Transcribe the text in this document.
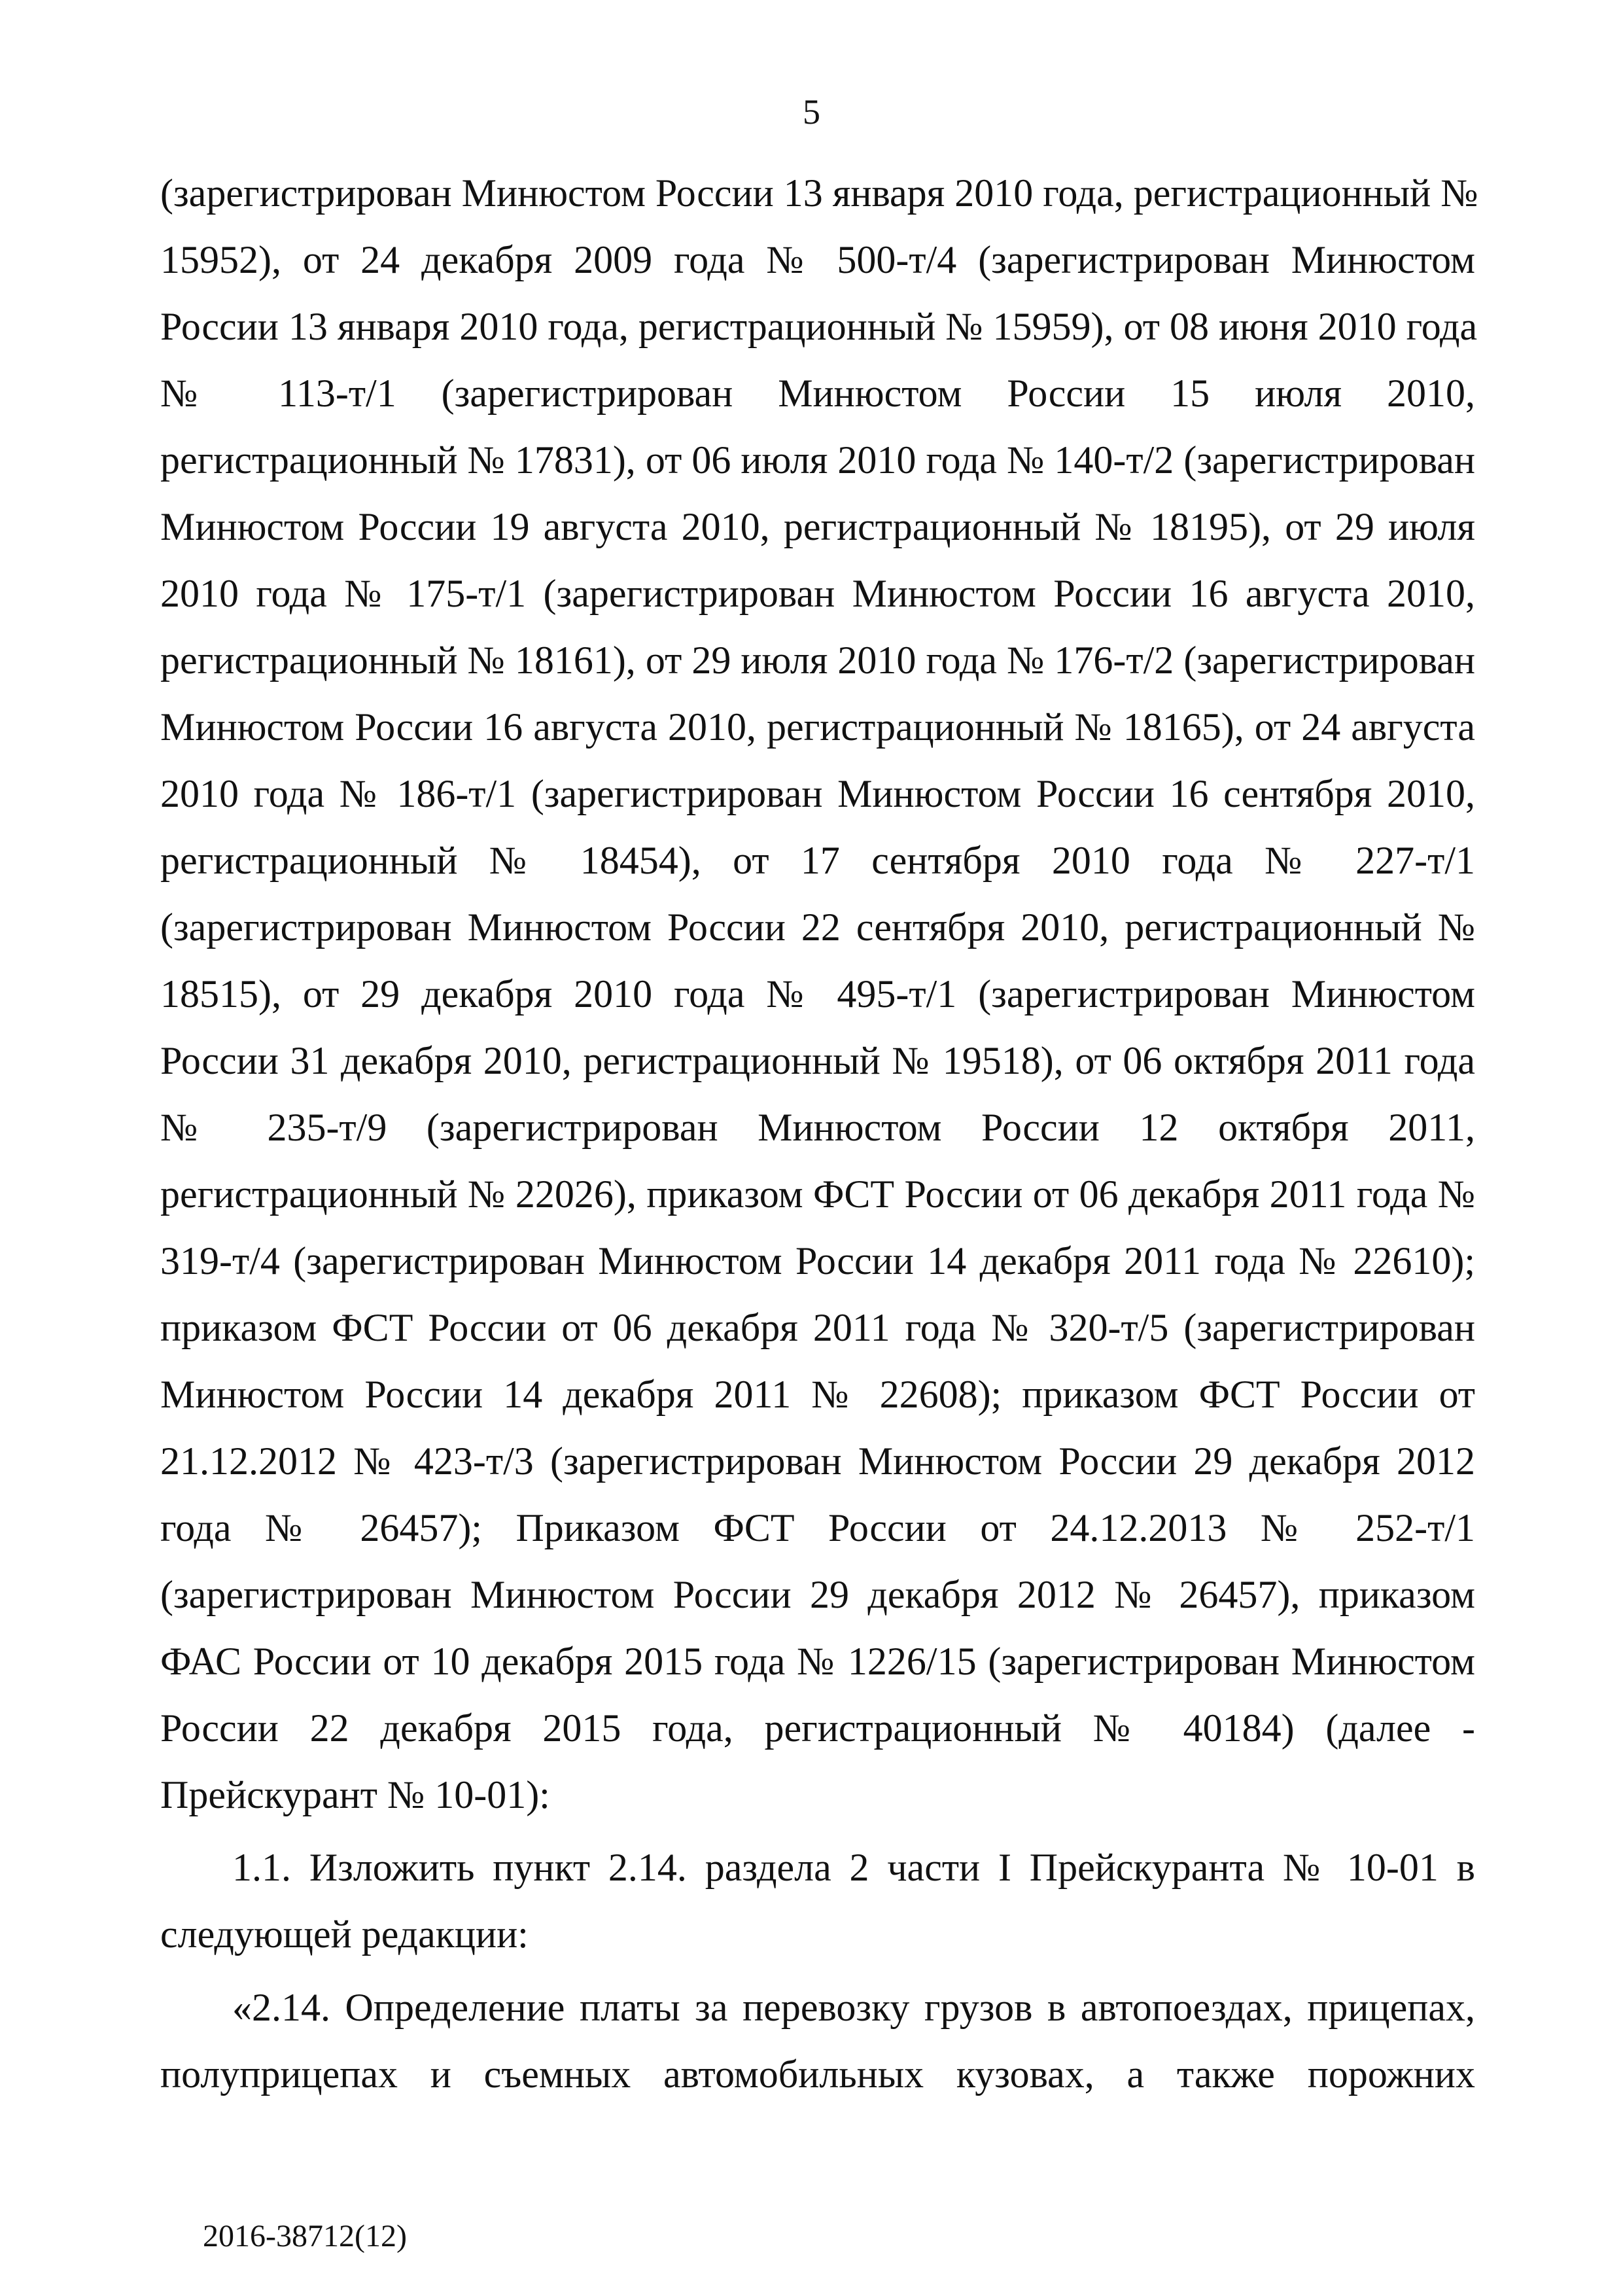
5
(зарегистрирован Минюстом России 13 января 2010 года, регистрационный №
15952), от 24 декабря 2009 года № 500-т/4 (зарегистрирован Минюстом
России 13 января 2010 года, регистрационный № 15959), от 08 июня 2010 года
№ 113-т/1 (зарегистрирован Минюстом России 15 июля 2010,
регистрационный № 17831), от 06 июля 2010 года № 140-т/2 (зарегистрирован
Минюстом России 19 августа 2010, регистрационный № 18195), от 29 июля
2010 года № 175-т/1 (зарегистрирован Минюстом России 16 августа 2010,
регистрационный № 18161), от 29 июля 2010 года № 176-т/2 (зарегистрирован
Минюстом России 16 августа 2010, регистрационный № 18165), от 24 августа
2010 года № 186-т/1 (зарегистрирован Минюстом России 16 сентября 2010,
регистрационный № 18454), от 17 сентября 2010 года № 227-т/1
(зарегистрирован Минюстом России 22 сентября 2010, регистрационный №
18515), от 29 декабря 2010 года № 495-т/1 (зарегистрирован Минюстом
России 31 декабря 2010, регистрационный № 19518), от 06 октября 2011 года
№ 235-т/9 (зарегистрирован Минюстом России 12 октября 2011,
регистрационный № 22026), приказом ФСТ России от 06 декабря 2011 года №
319-т/4 (зарегистрирован Минюстом России 14 декабря 2011 года № 22610);
приказом ФСТ России от 06 декабря 2011 года № 320-т/5 (зарегистрирован
Минюстом России 14 декабря 2011 № 22608); приказом ФСТ России от
21.12.2012 № 423-т/3 (зарегистрирован Минюстом России 29 декабря 2012
года № 26457); Приказом ФСТ России от 24.12.2013 № 252-т/1
(зарегистрирован Минюстом России 29 декабря 2012 № 26457), приказом
ФАС России от 10 декабря 2015 года № 1226/15 (зарегистрирован Минюстом
России 22 декабря 2015 года, регистрационный № 40184) (далее -
Прейскурант № 10-01):
1.1. Изложить пункт 2.14. раздела 2 части I Прейскуранта № 10-01 в
следующей редакции:
«2.14. Определение платы за перевозку грузов в автопоездах, прицепах,
полуприцепах и съемных автомобильных кузовах, а также порожних
2016-38712(12)
